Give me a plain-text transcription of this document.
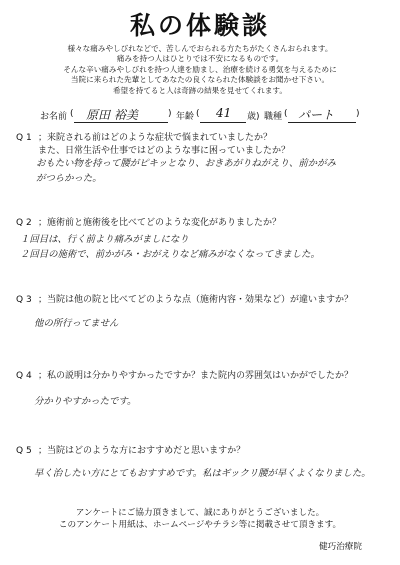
私の体験談
様々な痛みやしびれなどで、苦しんでおられる方たちがたくさんおられます。
痛みを持つ人はひとりでは不安になるものです。
そんな辛い痛みやしびれを持つ人達を励まし、治療を続ける勇気を与えるために
当院に来られた先輩としてあなたの良くなられた体験談をお聞かせ下さい。
希望を持てると人は奇跡の結果を見せてくれます。
お名前 ( 原田 裕美	) 年齢 ( 41 歳) 職種 ( パート )
Q 1 ；来院される前はどのような症状で悩まれていましたか？
また、日常生活や仕事ではどのような事に困っていましたか？
おもたい物を持って腰がピキッとなり、おきあがりねがえり、前かがみ
がつらかった。
Q 2 ；施術前と施術後を比べてどのような変化がありましたか？
１回目は、行く前より痛みがましになり
２回目の施術で、前かがみ・おがえりなど痛みがなくなってきました。
Q 3 ；当院は他の院と比べてどのような点（施術内容・効果など）が違いますか？
他の所行ってません
Q 4 ；私の説明は分かりやすかったですか？また院内の雰囲気はいかがでしたか？
分かりやすかったです。
Q 5 ；当院はどのような方におすすめだと思いますか？
早く治したい方にとてもおすすめです。私はギックリ腰が早くよくなりました。
アンケートにご協力頂きまして、誠にありがとうございました。
このアンケート用紙は、ホームページやチラシ等に掲載させて頂きます。
健巧治療院
